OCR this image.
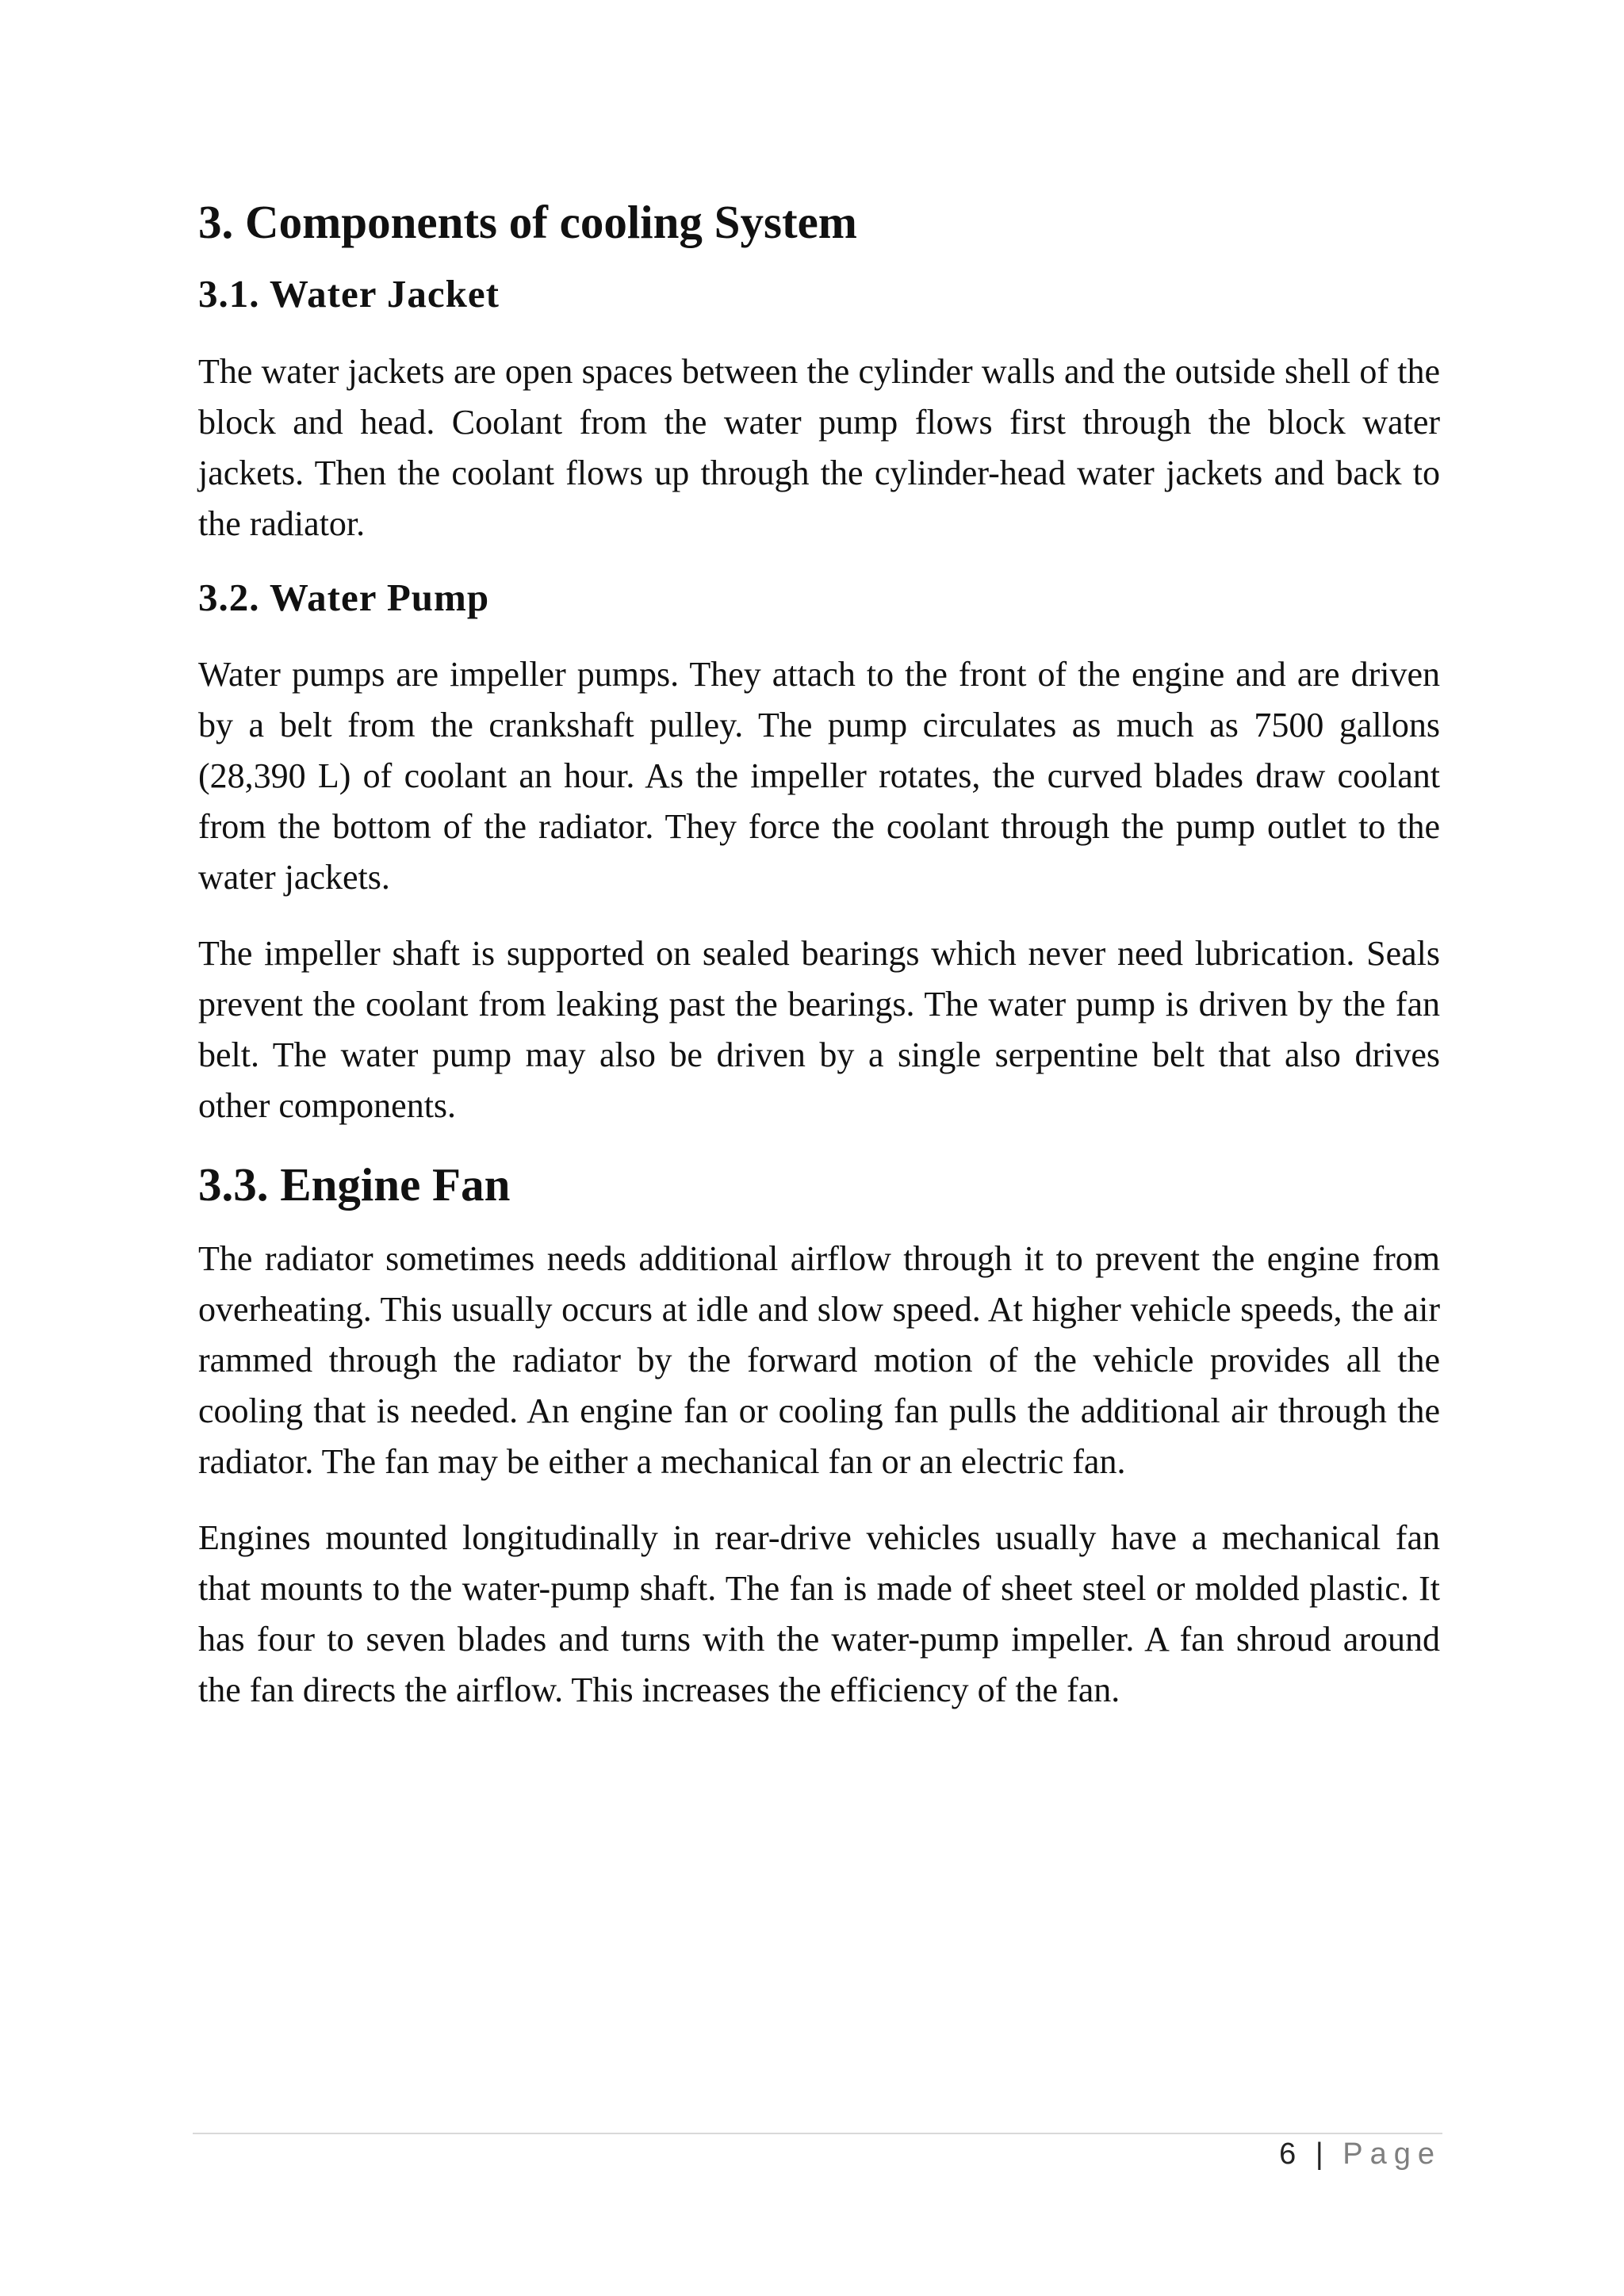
3. Components of cooling System
3.1. Water Jacket

The water jackets are open spaces between the cylinder walls and the outside shell of the block and head. Coolant from the water pump flows first through the block water jackets. Then the coolant flows up through the cylinder-head water jackets and back to the radiator.

3.2. Water Pump

Water pumps are impeller pumps. They attach to the front of the engine and are driven by a belt from the crankshaft pulley. The pump circulates as much as 7500 gallons (28,390 L) of coolant an hour. As the impeller rotates, the curved blades draw coolant from the bottom of the radiator. They force the coolant through the pump outlet to the water jackets.

The impeller shaft is supported on sealed bearings which never need lubrication. Seals prevent the coolant from leaking past the bearings. The water pump is driven by the fan belt. The water pump may also be driven by a single serpentine belt that also drives other components.

3.3. Engine Fan

The radiator sometimes needs additional airflow through it to prevent the engine from overheating. This usually occurs at idle and slow speed. At higher vehicle speeds, the air rammed through the radiator by the forward motion of the vehicle provides all the cooling that is needed. An engine fan or cooling fan pulls the additional air through the radiator. The fan may be either a mechanical fan or an electric fan.

Engines mounted longitudinally in rear-drive vehicles usually have a mechanical fan that mounts to the water-pump shaft. The fan is made of sheet steel or molded plastic. It has four to seven blades and turns with the water-pump impeller. A fan shroud around the fan directs the airflow. This increases the efficiency of the fan.

6 | Page
